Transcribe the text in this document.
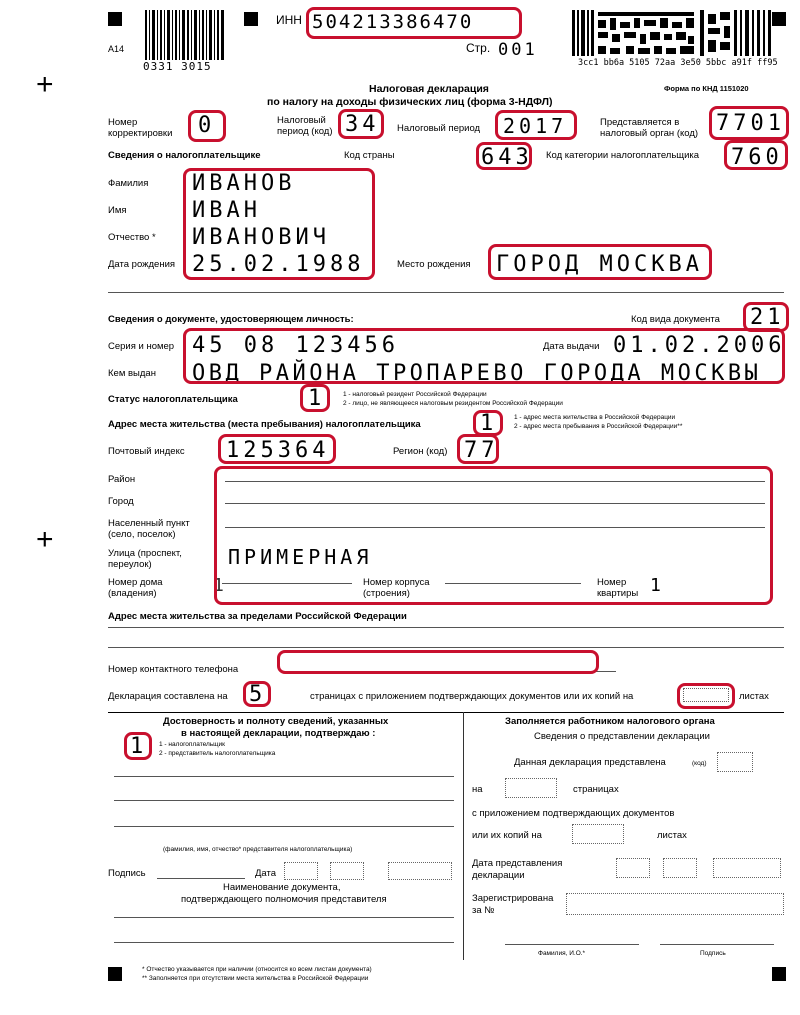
+
+
А14
0331 3015
ИНН 504213386470
Стр. 001
3cc1 bb6a 5105 72aa 3e50 5bbc a91f ff95
Форма по КНД 1151020
Налоговая декларация
по налогу на доходы физических лиц (форма 3-НДФЛ)
Номер
корректировки 0	Налоговый
период (код) 34 Налоговый период 2017	Представляется в
налоговый орган (код) 7701
Сведения о налогоплательщике	Код страны	643 Код категории налогоплательщика 760
Фамилия ИВАНОВ
Имя	ИВАН
Отчество * ИВАНОВИЧ
Дата рождения 25.02.1988	Место рождения ГОРОД МОСКВА
Сведения о документе, удостоверяющем личность:	Код вида документа 21
Серия и номер 45 08 123456	Дата выдачи 01.02.2006
Кем выдан ОВД РАЙОНА ТРОПАРЕВО ГОРОДА МОСКВЫ
Статус налогоплательщика	1	1 - налоговый резидент Российской Федерации
2 - лицо, не являющееся налоговым резидентом Российской Федерации
Адрес места жительства (места пребывания) налогоплательщика	1	1 - адрес места жительства в Российской Федерации
2 - адрес места пребывания в Российской Федерации**
Почтовый индекс 125364	Регион (код) 77
Район
Город
Населенный пункт
(село, поселок)
Улица (проспект,
переулок)	ПРИМЕРНАЯ
Номер дома
(владения)	1	Номер корпуса
(строения)
Номер
квартиры 1
Адрес места жительства за пределами Российской Федерации
Номер контактного телефона
Декларация составлена на 5	страницах с приложением подтверждающих документов или их копий на	листах
Достоверность и полноту сведений, указанных
в настоящей декларации, подтверждаю :
1 1 - налогоплательщик
2 - представитель налогоплательщика
(фамилия, имя, отчество* представителя налогоплательщика)
Подпись	Дата
Наименование документа,
подтверждающего полномочия представителя
Заполняется работником налогового органа
Сведения о представлении декларации
Данная декларация представлена	(код)
на	страницах
с приложением подтверждающих документов
или их копий на	листах
Дата представления
декларации
Зарегистрирована
за №
Фамилия, И.О.*	Подпись
* Отчество указывается при наличии (относится ко всем листам документа)
** Заполняется при отсутствии места жительства в Российской Федерации
